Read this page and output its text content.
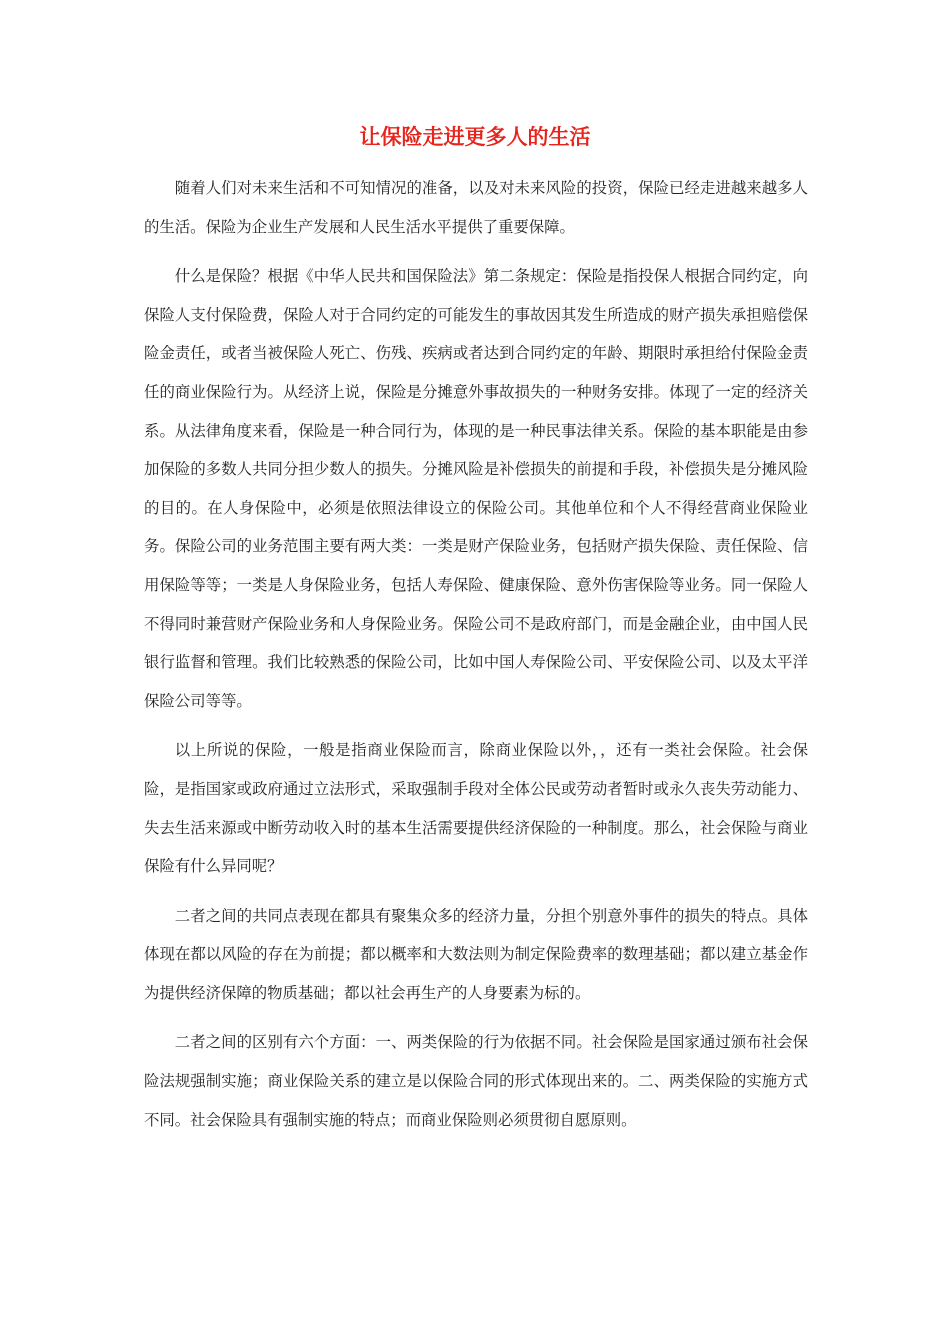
让保险走进更多人的生活

随着人们对未来生活和不可知情况的准备，以及对未来风险的投资，保险已经走进越来越多人的生活。保险为企业生产发展和人民生活水平提供了重要保障。

什么是保险？根据《中华人民共和国保险法》第二条规定：保险是指投保人根据合同约定，向保险人支付保险费，保险人对于合同约定的可能发生的事故因其发生所造成的财产损失承担赔偿保险金责任，或者当被保险人死亡、伤残、疾病或者达到合同约定的年龄、期限时承担给付保险金责任的商业保险行为。从经济上说，保险是分摊意外事故损失的一种财务安排。体现了一定的经济关系。从法律角度来看，保险是一种合同行为，体现的是一种民事法律关系。保险的基本职能是由参加保险的多数人共同分担少数人的损失。分摊风险是补偿损失的前提和手段，补偿损失是分摊风险的目的。在人身保险中，必须是依照法律设立的保险公司。其他单位和个人不得经营商业保险业务。保险公司的业务范围主要有两大类：一类是财产保险业务，包括财产损失保险、责任保险、信用保险等等；一类是人身保险业务，包括人寿保险、健康保险、意外伤害保险等业务。同一保险人不得同时兼营财产保险业务和人身保险业务。保险公司不是政府部门，而是金融企业，由中国人民银行监督和管理。我们比较熟悉的保险公司，比如中国人寿保险公司、平安保险公司、以及太平洋保险公司等等。

以上所说的保险，一般是指商业保险而言，除商业保险以外，，还有一类社会保险。社会保险，是指国家或政府通过立法形式，采取强制手段对全体公民或劳动者暂时或永久丧失劳动能力、失去生活来源或中断劳动收入时的基本生活需要提供经济保险的一种制度。那么，社会保险与商业保险有什么异同呢？

二者之间的共同点表现在都具有聚集众多的经济力量，分担个别意外事件的损失的特点。具体体现在都以风险的存在为前提；都以概率和大数法则为制定保险费率的数理基础；都以建立基金作为提供经济保障的物质基础；都以社会再生产的人身要素为标的。

二者之间的区别有六个方面：一、两类保险的行为依据不同。社会保险是国家通过颁布社会保险法规强制实施；商业保险关系的建立是以保险合同的形式体现出来的。二、两类保险的实施方式不同。社会保险具有强制实施的特点；而商业保险则必须贯彻自愿原则。
